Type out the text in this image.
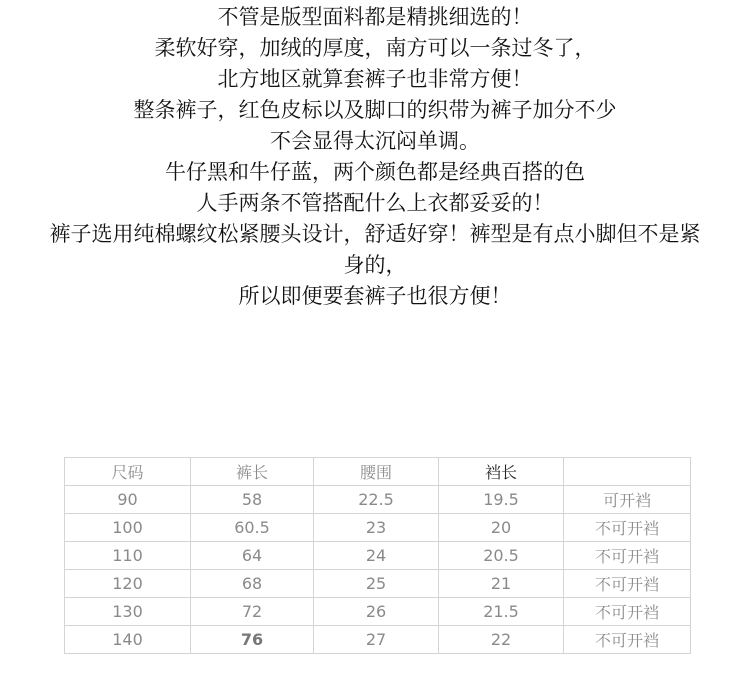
不管是版型面料都是精挑细选的！
柔软好穿，加绒的厚度，南方可以一条过冬了，
北方地区就算套裤子也非常方便！
整条裤子，红色皮标以及脚口的织带为裤子加分不少
不会显得太沉闷单调。
牛仔黑和牛仔蓝，两个颜色都是经典百搭的色
人手两条不管搭配什么上衣都妥妥的！
裤子选用纯棉螺纹松紧腰头设计，舒适好穿！裤型是有点小脚但不是紧
身的，
所以即便要套裤子也很方便！
尺码	裤长	腰围	裆长	
90	58	22.5	19.5	可开裆
100	60.5	23	20	不可开裆
110	64	24	20.5	不可开裆
120	68	25	21	不可开裆
130	72	26	21.5	不可开裆
140	76	27	22	不可开裆
